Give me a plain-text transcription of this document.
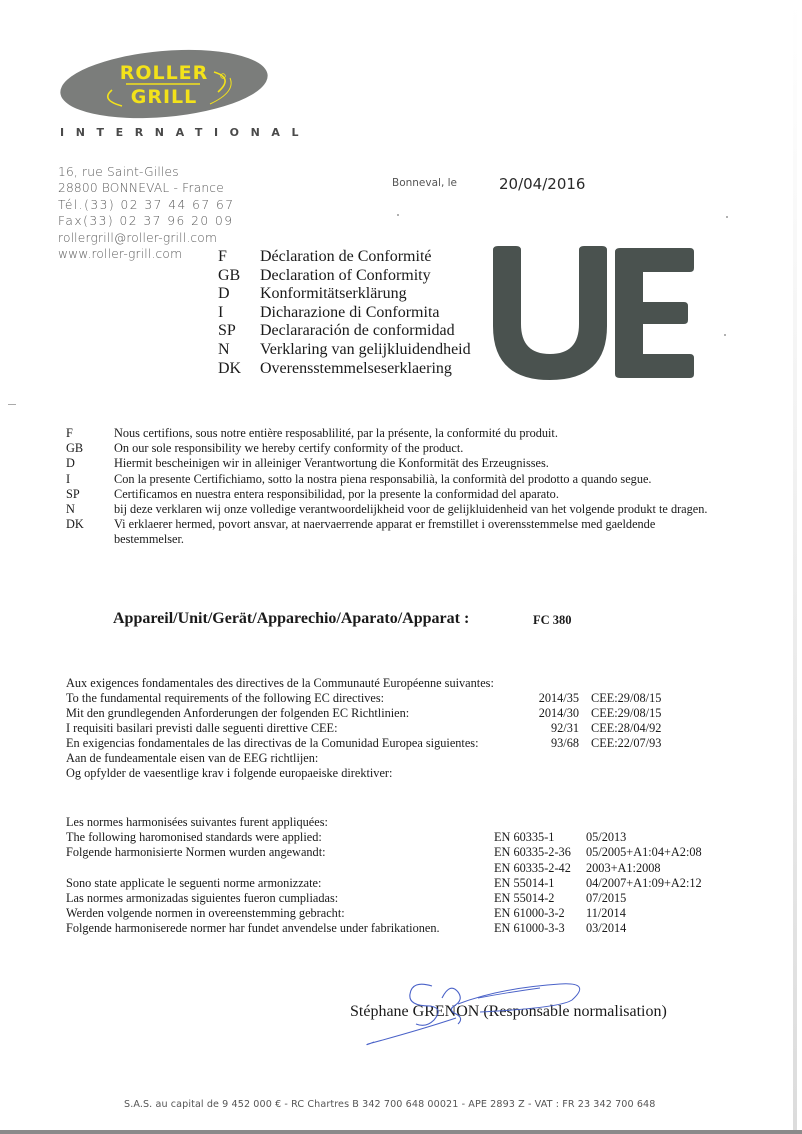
ROLLER
GRILL
INTERNATIONAL
16, rue Saint-Gilles
28800 BONNEVAL - France
Tél.(33) 02 37 44 67 67
Fax(33) 02 37 96 20 09
rollergrill@roller-grill.com
www.roller-grill.com
Bonneval, le	20/04/2016
F	Déclaration de Conformité
GB	Declaration of Conformity
D	Konformitätserklärung
I	Dicharazione di Conformita
SP	Declararación de conformidad
N	Verklaring van gelijkluidendheid
DK	Overensstemmelseserklaering
F	Nous certifions, sous notre entière resposablilité, par la présente, la conformité du produit.
GB	On our sole responsibility we hereby certify conformity of the product.
D	Hiermit bescheinigen wir in alleiniger Verantwortung die Konformität des Erzeugnisses.
I	Con la presente Certifichiamo, sotto la nostra piena responsabilià, la conformità del prodotto a quando segue.
SP	Certificamos en nuestra entera responsibilidad, por la presente la conformidad del aparato.
N	bij deze verklaren wij onze volledige verantwoordelijkheid voor de gelijkluidenheid van het volgende produkt te dragen.
DK	Vi erklaerer hermed, povort ansvar, at naervaerrende apparat er fremstillet i overensstemmelse med gaeldende bestemmelser.
Appareil/Unit/Gerät/Apparechio/Aparato/Apparat :	FC 380
Aux exigences fondamentales des directives de la Communauté Européenne suivantes:
To the fundamental requirements of the following EC directives:	2014/35 CEE:29/08/15
Mit den grundlegenden Anforderungen der folgenden EC Richtlinien:	2014/30 CEE:29/08/15
I requisiti basilari previsti dalle seguenti direttive CEE:	92/31 CEE:28/04/92
En exigencias fondamentales de las directivas de la Comunidad Europea siguientes:	93/68 CEE:22/07/93
Aan de fundeamentale eisen van de EEG richtlijen:
Og opfylder de vaesentlige krav i folgende europaeiske direktiver:
Les normes harmonisées suivantes furent appliquées:
The following haromonised standards were applied:	EN 60335-1	05/2013
Folgende harmonisierte Normen wurden angewandt:	EN 60335-2-36 05/2005+A1:04+A2:08
EN 60335-2-42 2003+A1:2008
Sono state applicate le seguenti norme armonizzate:	EN 55014-1	04/2007+A1:09+A2:12
Las normes armonizadas siguientes fueron cumpliadas:	EN 55014-2	07/2015
Werden volgende normen in overeenstemming gebracht:	EN 61000-3-2 11/2014
Folgende harmoniserede normer har fundet anvendelse under fabrikationen.	EN 61000-3-3 03/2014
Stéphane GRENON (Responsable normalisation)
S.A.S. au capital de 9 452 000 € - RC Chartres B 342 700 648 00021 - APE 2893 Z - VAT : FR 23 342 700 648
